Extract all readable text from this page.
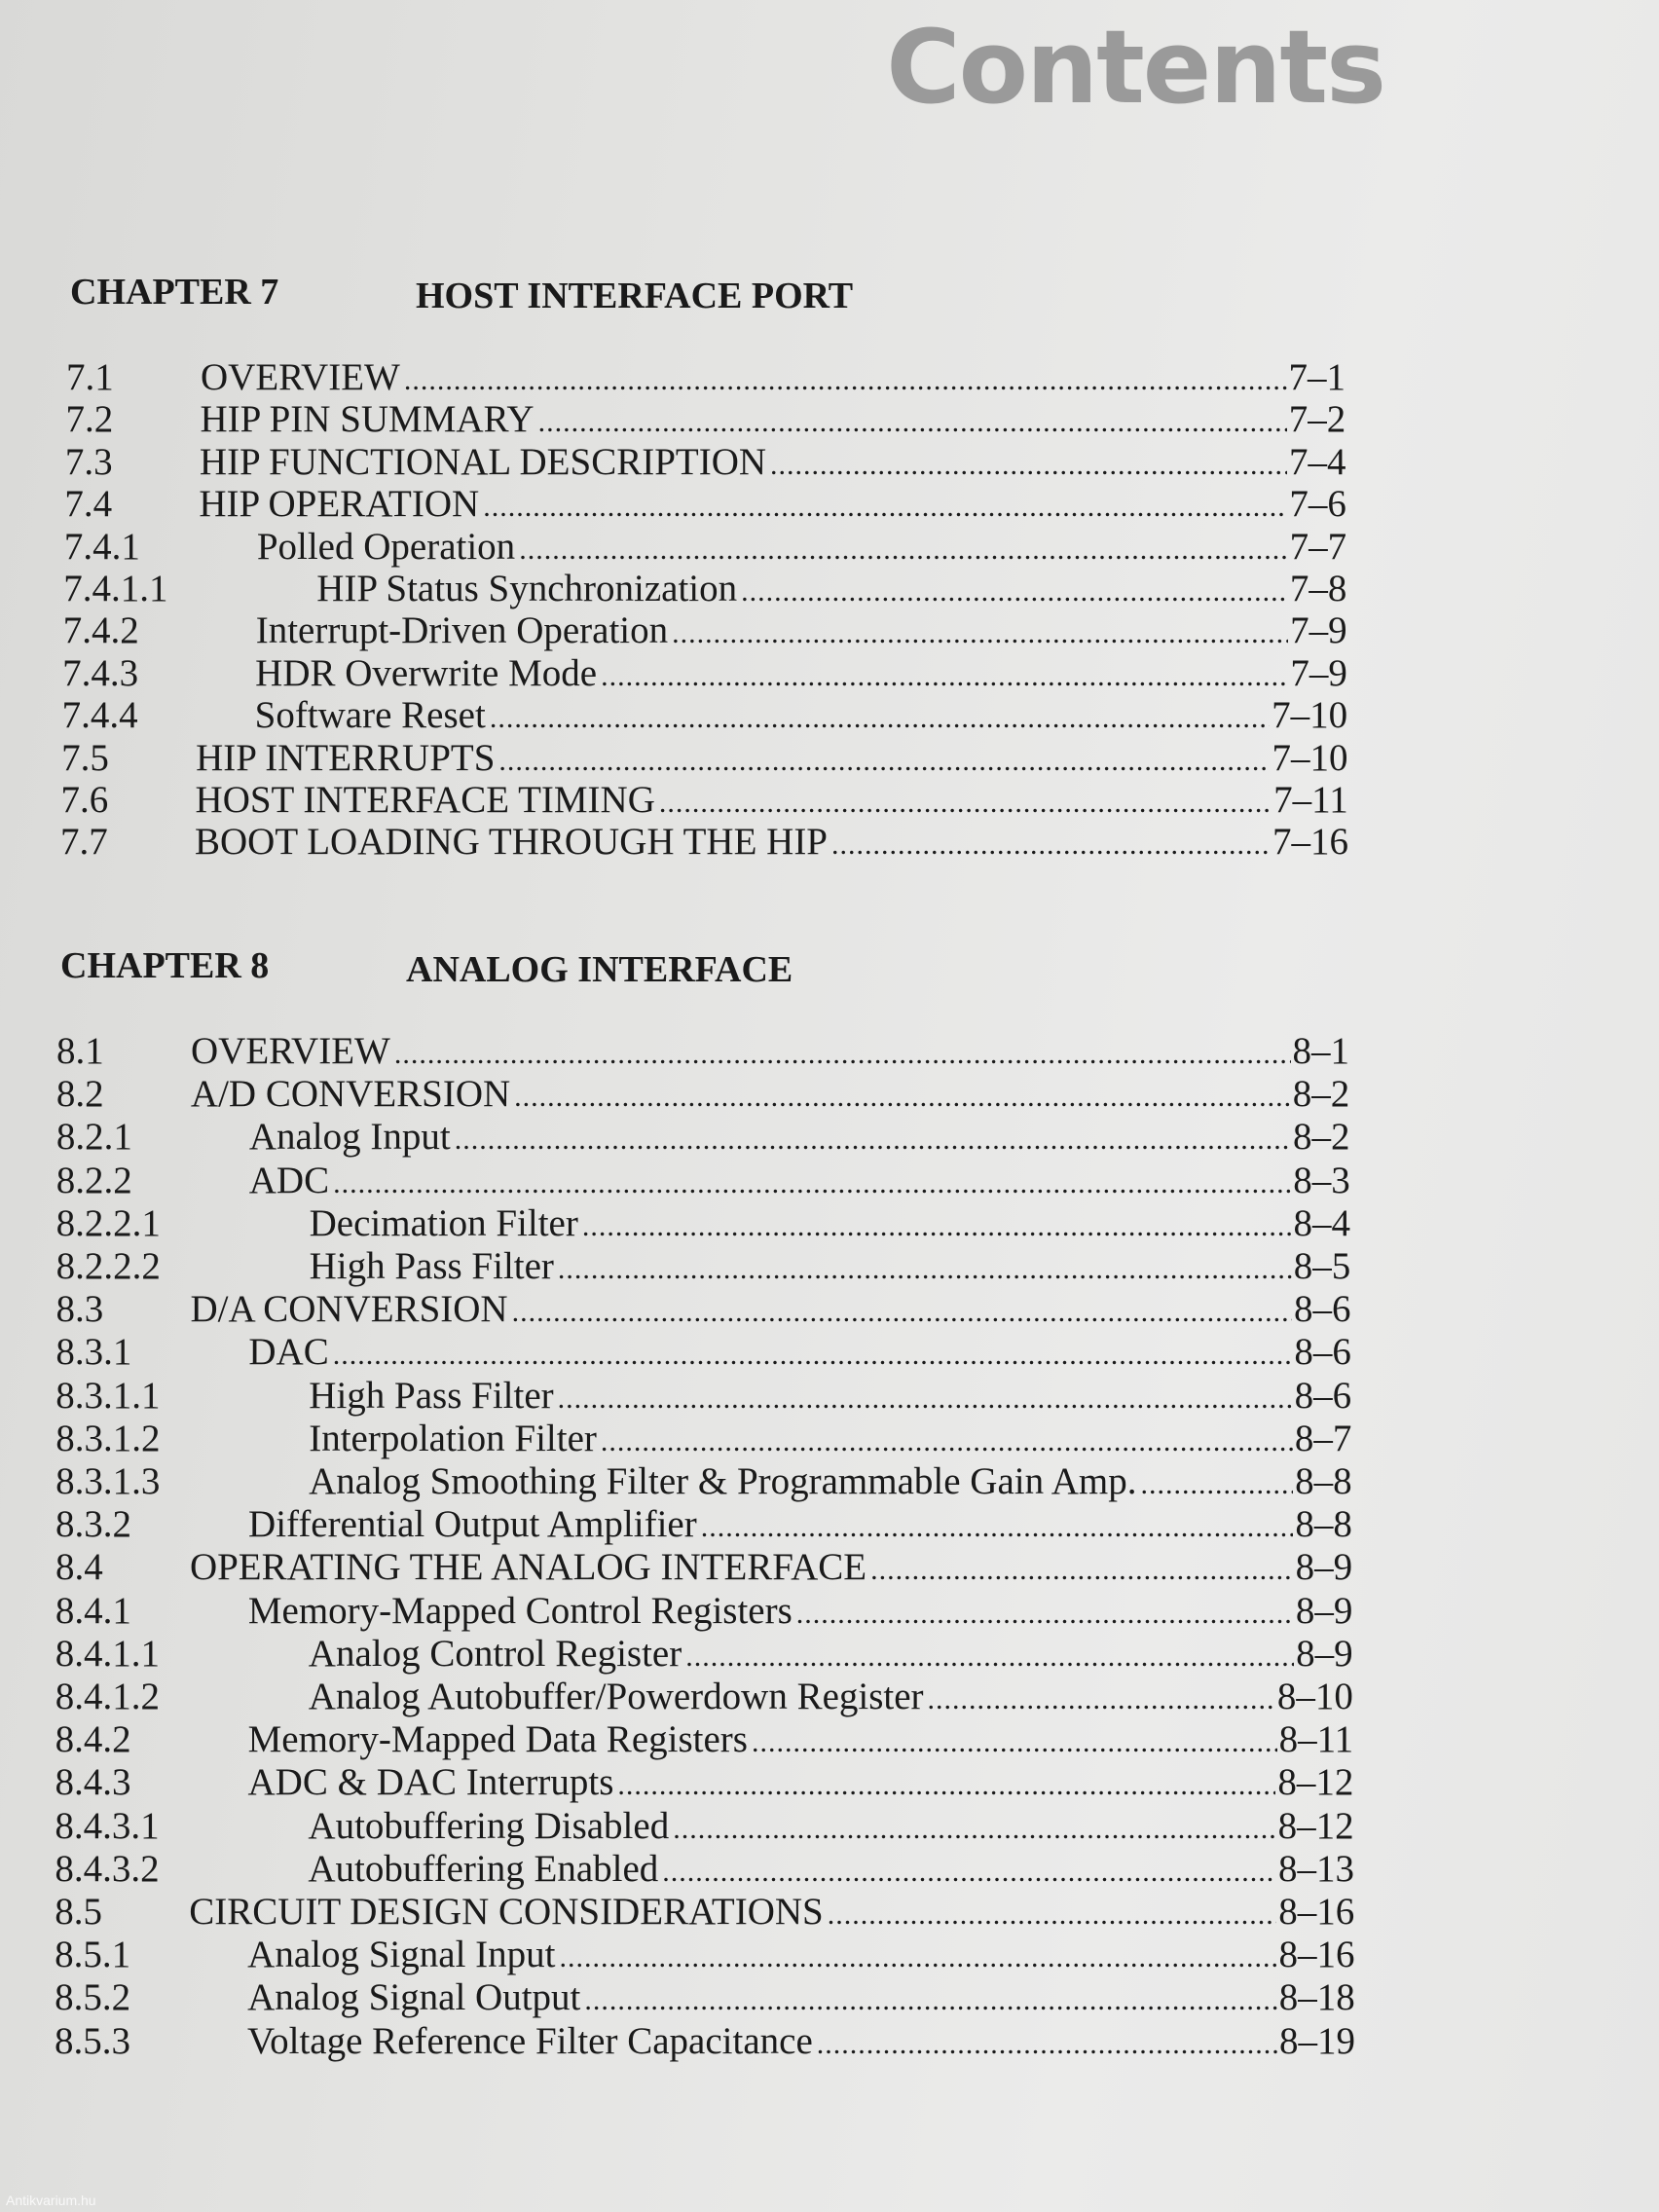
Contents
CHAPTER 7	HOST INTERFACE PORT
7.1 OVERVIEW .....	7–1
7.2 HIP PIN SUMMARY .....	7–2
7.3 HIP FUNCTIONAL DESCRIPTION .....	7–4
7.4 HIP OPERATION .....	7–6
7.4.1	Polled Operation .....	7–7
7.4.1.1	HIP Status Synchronization .....	7–8
7.4.2	Interrupt-Driven Operation .....	7–9
7.4.3	HDR Overwrite Mode .....	7–9
7.4.4	Software Reset .....	7–10
7.5 HIP INTERRUPTS .....	7–10
7.6 HOST INTERFACE TIMING .....	7–11
7.7 BOOT LOADING THROUGH THE HIP .....	7–16
CHAPTER 8	ANALOG INTERFACE
8.1 OVERVIEW .....	8–1
8.2 A/D CONVERSION .....	8–2
8.2.1	Analog Input .....	8–2
8.2.2	ADC .....	8–3
8.2.2.1	Decimation Filter .....	8–4
8.2.2.2	High Pass Filter .....	8–5
8.3 D/A CONVERSION .....	8–6
8.3.1	DAC .....	8–6
8.3.1.1	High Pass Filter .....	8–6
8.3.1.2	Interpolation Filter .....	8–7
8.3.1.3	Analog Smoothing Filter & Programmable Gain Amp. .....	8–8
8.3.2	Differential Output Amplifier .....	8–8
8.4 OPERATING THE ANALOG INTERFACE .....	8–9
8.4.1	Memory-Mapped Control Registers .....	8–9
8.4.1.1	Analog Control Register .....	8–9
8.4.1.2	Analog Autobuffer/Powerdown Register .....	8–10
8.4.2	Memory-Mapped Data Registers .....	8–11
8.4.3	ADC & DAC Interrupts .....	8–12
8.4.3.1	Autobuffering Disabled .....	8–12
8.4.3.2	Autobuffering Enabled .....	8–13
8.5 CIRCUIT DESIGN CONSIDERATIONS .....	8–16
8.5.1	Analog Signal Input .....	8–16
8.5.2	Analog Signal Output .....	8–18
8.5.3	Voltage Reference Filter Capacitance .....	8–19
Antikvarium.hu
